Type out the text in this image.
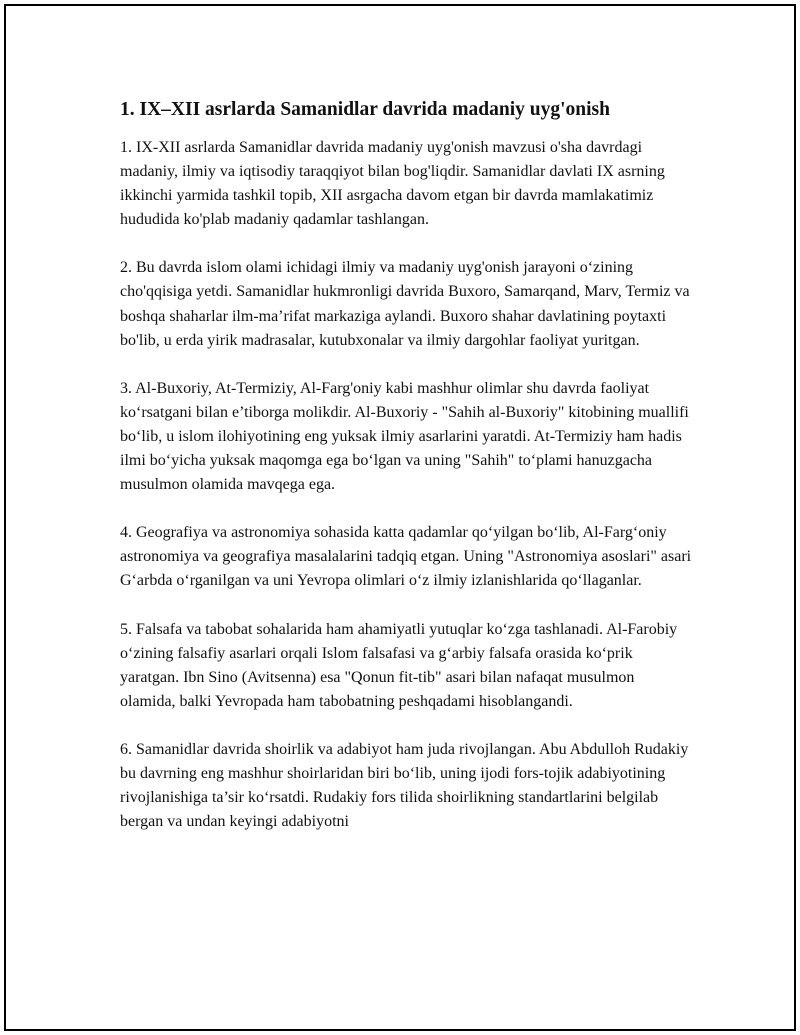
1. IX–XII asrlarda Samanidlar davrida madaniy uyg'onish

1. IX-XII asrlarda Samanidlar davrida madaniy uyg'onish mavzusi o'sha davrdagi madaniy, ilmiy va iqtisodiy taraqqiyot bilan bog'liqdir. Samanidlar davlati IX asrning ikkinchi yarmida tashkil topib, XII asrgacha davom etgan bir davrda mamlakatimiz hududida ko'plab madaniy qadamlar tashlangan.

2. Bu davrda islom olami ichidagi ilmiy va madaniy uyg'onish jarayoni o‘zining cho'qqisiga yetdi. Samanidlar hukmronligi davrida Buxoro, Samarqand, Marv, Termiz va boshqa shaharlar ilm-ma’rifat markaziga aylandi. Buxoro shahar davlatining poytaxti bo'lib, u erda yirik madrasalar, kutubxonalar va ilmiy dargohlar faoliyat yuritgan.

3. Al-Buxoriy, At-Termiziy, Al-Farg'oniy kabi mashhur olimlar shu davrda faoliyat ko‘rsatgani bilan e’tiborga molikdir. Al-Buxoriy - "Sahih al-Buxoriy" kitobining muallifi bo‘lib, u islom ilohiyotining eng yuksak ilmiy asarlarini yaratdi. At-Termiziy ham hadis ilmi bo‘yicha yuksak maqomga ega bo‘lgan va uning "Sahih" to‘plami hanuzgacha musulmon olamida mavqega ega.

4. Geografiya va astronomiya sohasida katta qadamlar qo‘yilgan bo‘lib, Al-Farg‘oniy astronomiya va geografiya masalalarini tadqiq etgan. Uning "Astronomiya asoslari" asari G‘arbda o‘rganilgan va uni Yevropa olimlari o‘z ilmiy izlanishlarida qo‘llaganlar.

5. Falsafa va tabobat sohalarida ham ahamiyatli yutuqlar ko‘zga tashlanadi. Al-Farobiy o‘zining falsafiy asarlari orqali Islom falsafasi va g‘arbiy falsafa orasida ko‘prik yaratgan. Ibn Sino (Avitsenna) esa "Qonun fit-tib" asari bilan nafaqat musulmon olamida, balki Yevropada ham tabobatning peshqadami hisoblangandi.

6. Samanidlar davrida shoirlik va adabiyot ham juda rivojlangan. Abu Abdulloh Rudakiy bu davrning eng mashhur shoirlaridan biri bo‘lib, uning ijodi fors-tojik adabiyotining rivojlanishiga ta’sir ko‘rsatdi. Rudakiy fors tilida shoirlikning standartlarini belgilab bergan va undan keyingi adabiyotni
